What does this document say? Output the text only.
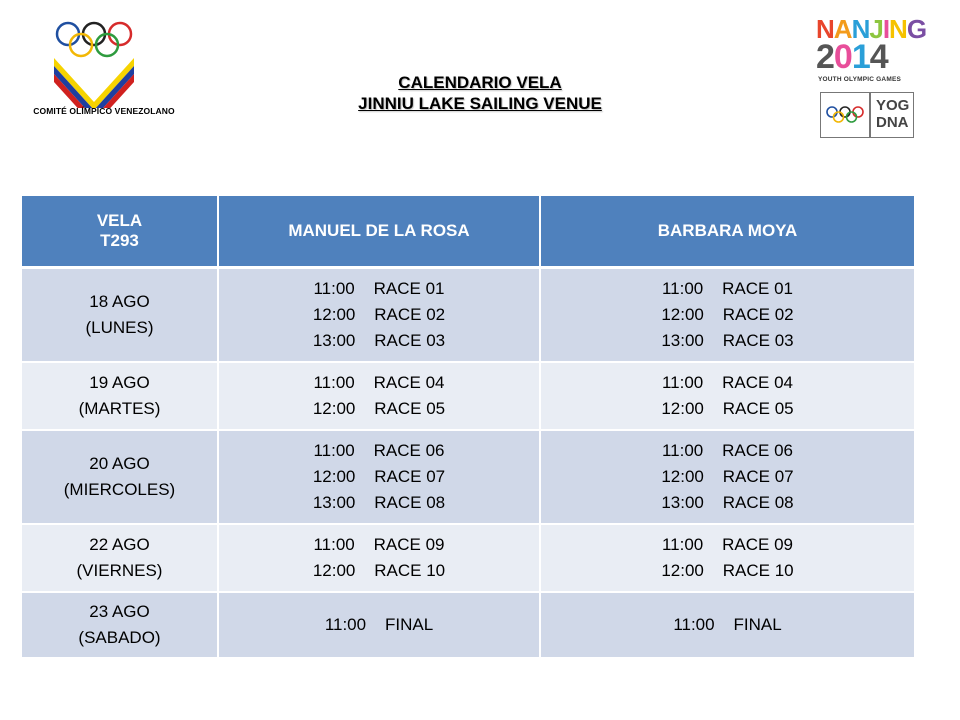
COMITÉ OLÍMPICO VENEZOLANO
CALENDARIO VELA
JINNIU LAKE SAILING VENUE
NANJING
2014
YOUTH OLYMPIC GAMES
YOG
DNA
VELA
T293	MANUEL DE LA ROSA	BARBARA MOYA

18 AGO
(LUNES)	11:00    RACE 01
12:00    RACE 02
13:00    RACE 03	11:00    RACE 01
12:00    RACE 02
13:00    RACE 03

19 AGO
(MARTES)	11:00    RACE 04
12:00    RACE 05	11:00    RACE 04
12:00    RACE 05

20 AGO
(MIERCOLES)	11:00    RACE 06
12:00    RACE 07
13:00    RACE 08	11:00    RACE 06
12:00    RACE 07
13:00    RACE 08

22 AGO
(VIERNES)	11:00    RACE 09
12:00    RACE 10	11:00    RACE 09
12:00    RACE 10

23 AGO
(SABADO)	11:00    FINAL	11:00    FINAL
